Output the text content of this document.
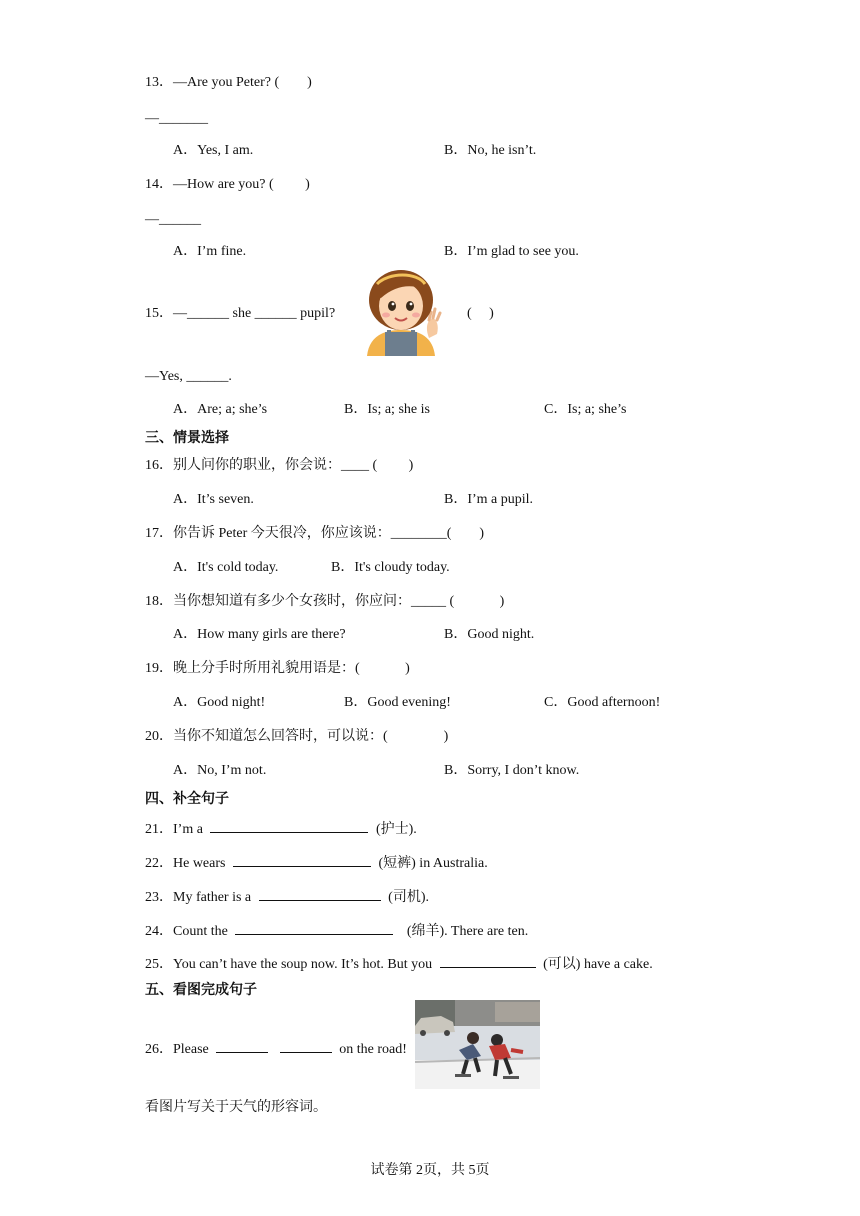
13．—Are you Peter? (　　)
—_______
A．Yes, I am.	B．No, he isn’t.
14．—How are you? (　　 )
—______
A．I’m fine.	B．I’m glad to see you.
15．—______ she ______ pupil?	(　 )
—Yes, ______.
A．Are; a; she’s	B．Is; a; she is	C．Is; a; she’s
三、情景选择
16．别人问你的职业，你会说：____ (　　 )
A．It’s seven.	B．I’m a pupil.
17．你告诉 Peter 今天很冷，你应该说：________(　　)
A．It's cold today.	B．It's cloudy today.
18．当你想知道有多少个女孩时，你应问：_____ (　　　 )
A．How many girls are there?	B．Good night.
19．晚上分手时所用礼貌用语是：(　　　 )
A．Good night!	B．Good evening!	C．Good afternoon!
20．当你不知道怎么回答时，可以说：(　　　　)
A．No, I’m not.	B．Sorry, I don’t know.
四、补全句子
21．I’m a	(护士).
22．He wears	(短裤) in Australia.
23．My father is a	(司机).
24．Count the	(绵羊). There are ten.
25．You can’t have the soup now. It’s hot. But you	(可以) have a cake.
五、看图完成句子
26．Please	on the road!
看图片写关于天气的形容词。
试卷第 2页，共 5页
